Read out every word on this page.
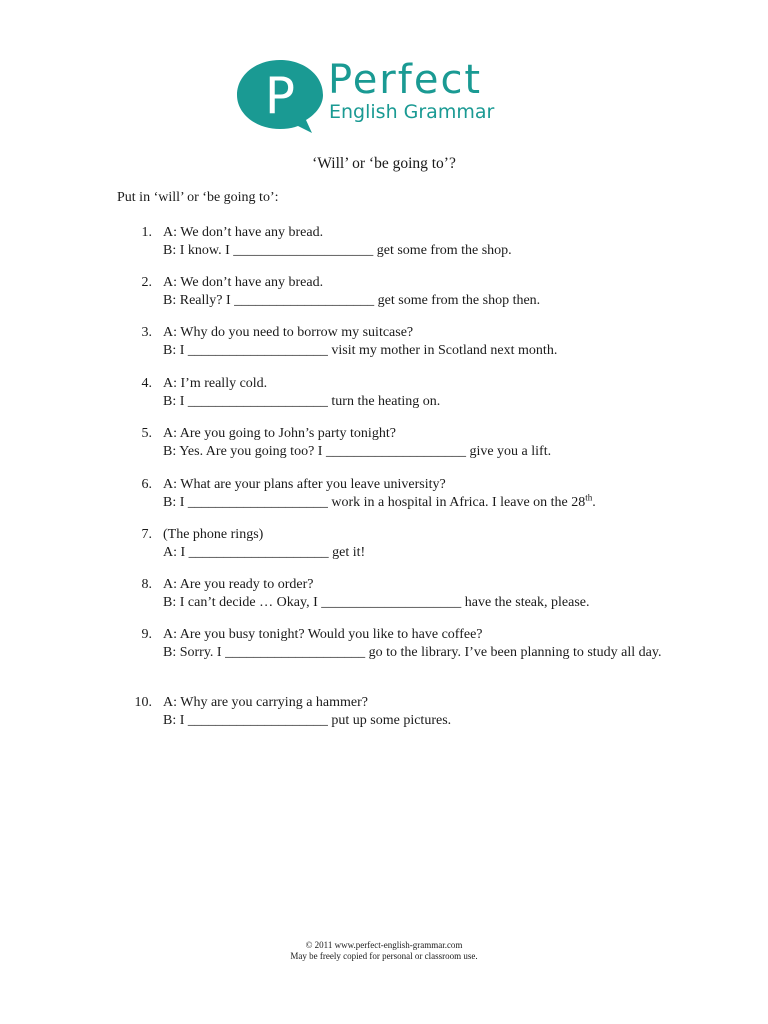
P Perfect
English Grammar
‘Will’ or ‘be going to’?
Put in ‘will’ or ‘be going to’:
1. A: We don’t have any bread.
B: I know. I ____________________ get some from the shop.
2. A: We don’t have any bread.
B: Really? I ____________________ get some from the shop then.
3. A: Why do you need to borrow my suitcase?
B: I ____________________ visit my mother in Scotland next month.
4. A: I’m really cold.
B: I ____________________ turn the heating on.
5. A: Are you going to John’s party tonight?
B: Yes. Are you going too? I ____________________ give you a lift.
6. A: What are your plans after you leave university?
B: I ____________________ work in a hospital in Africa. I leave on the 28th.
7. (The phone rings)
A: I ____________________ get it!
8. A: Are you ready to order?
B: I can’t decide … Okay, I ____________________ have the steak, please.
9. A: Are you busy tonight? Would you like to have coffee?
B: Sorry. I ____________________ go to the library. I’ve been planning to study all day.
10. A: Why are you carrying a hammer?
B: I ____________________ put up some pictures.
© 2011 www.perfect-english-grammar.com
May be freely copied for personal or classroom use.
